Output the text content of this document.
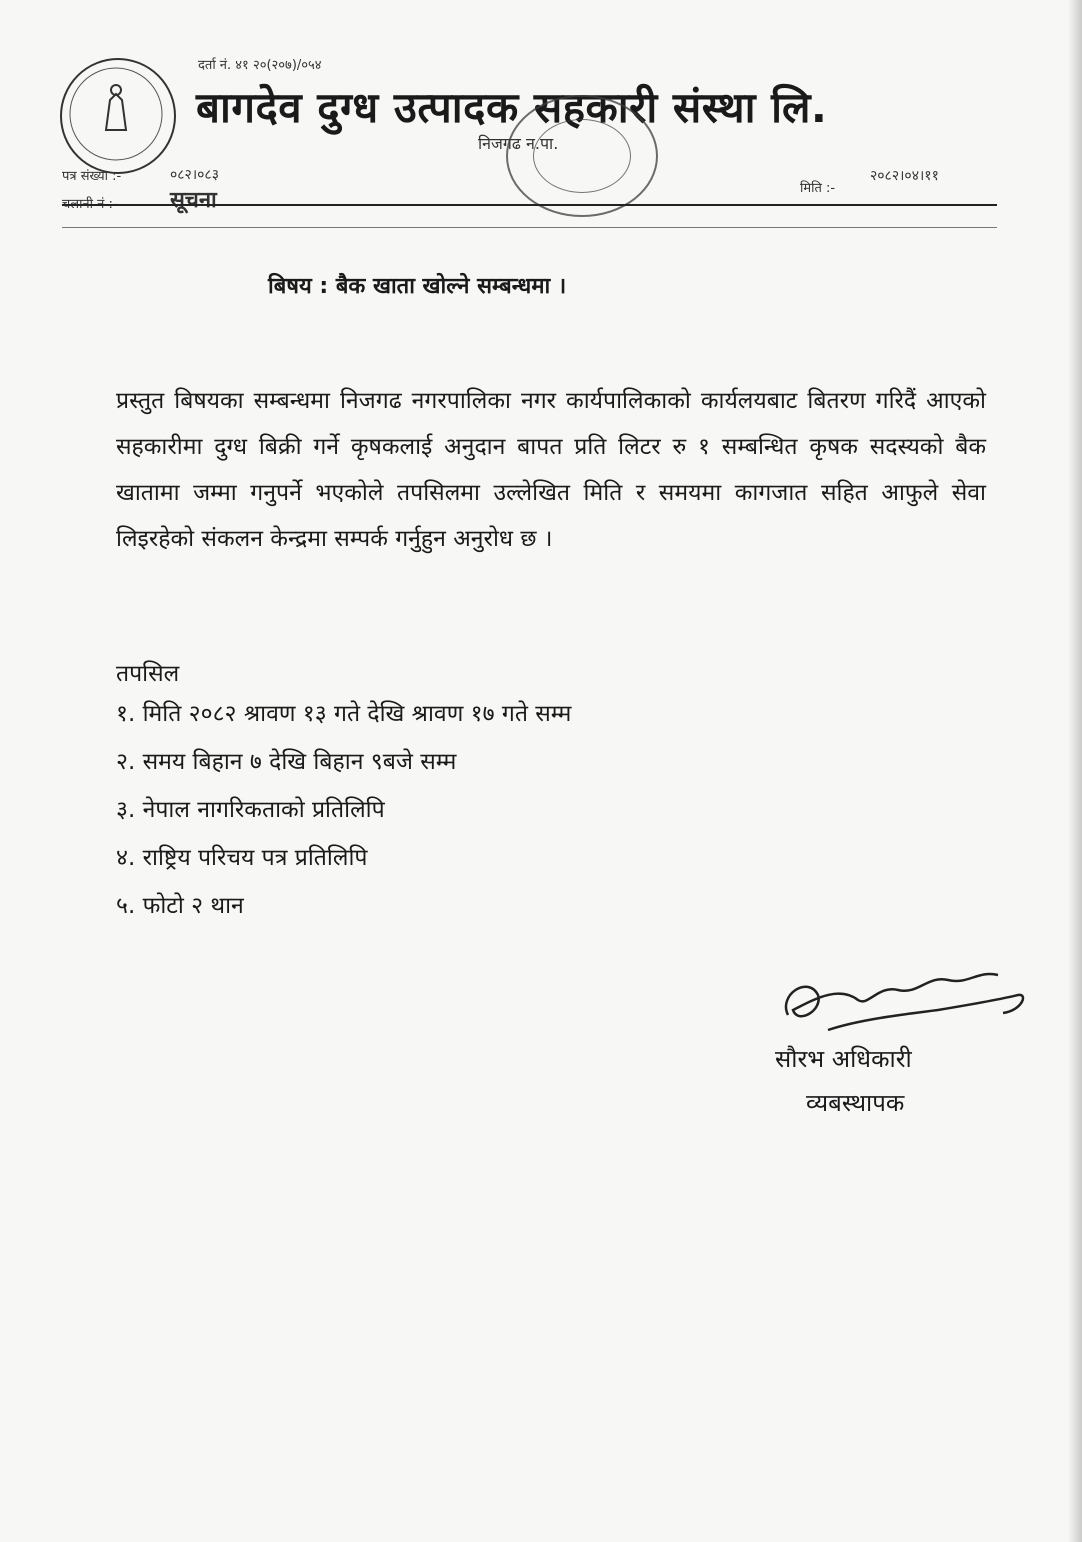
दर्ता नं. ४१ २०(२०७)/०५४
बागदेव दुग्ध उत्पादक सहकारी संस्था लि.
निजगढ न.पा.
पत्र संख्या :-	०८२।०८३
चलानी नं :- सूचना	मिति :-
२०८२।०४।११
बिषय : बैक खाता खोल्ने सम्बन्धमा ।
प्रस्तुत बिषयका सम्बन्धमा निजगढ नगरपालिका नगर कार्यपालिकाको कार्यलयबाट बितरण गरिदैं आएको सहकारीमा दुग्ध बिक्री गर्ने कृषकलाई अनुदान बापत प्रति लिटर रु १ सम्बन्धित कृषक सदस्यको बैक खातामा जम्मा गनुपर्ने भएकोले तपसिलमा उल्लेखित मिति र समयमा कागजात सहित आफुले सेवा लिइरहेको संकलन केन्द्रमा सम्पर्क गर्नुहुन अनुरोध छ ।
तपसिल
१. मिति २०८२ श्रावण १३ गते देखि श्रावण १७ गते सम्म
२. समय बिहान ७ देखि बिहान ९बजे सम्म
३. नेपाल नागरिकताको प्रतिलिपि
४. राष्ट्रिय परिचय पत्र प्रतिलिपि
५. फोटो २ थान
सौरभ अधिकारी
व्यबस्थापक
